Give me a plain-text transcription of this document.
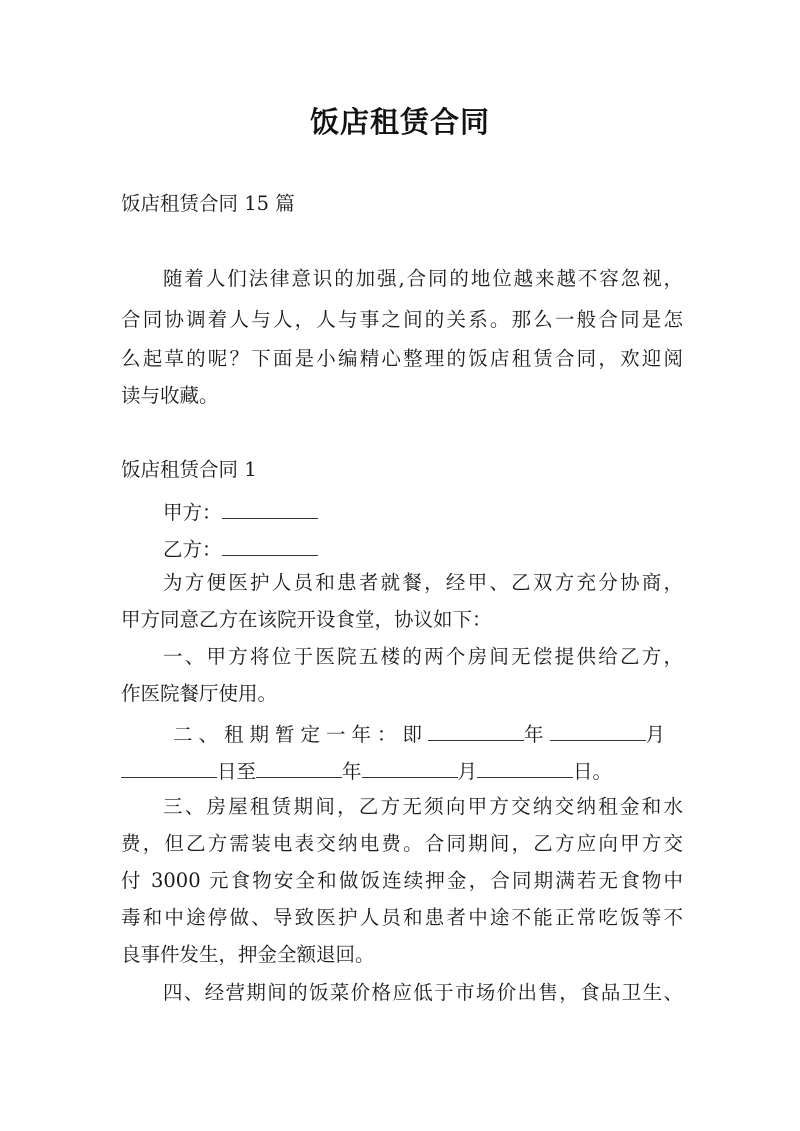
饭店租赁合同
饭店租赁合同 15 篇
随着人们法律意识的加强,合同的地位越来越不容忽视，
合同协调着人与人，人与事之间的关系。那么一般合同是怎
么起草的呢？下面是小编精心整理的饭店租赁合同，欢迎阅
读与收藏。
饭店租赁合同 1
甲方：
乙方：
为方便医护人员和患者就餐，经甲、乙双方充分协商，
甲方同意乙方在该院开设食堂，协议如下：
一、甲方将位于医院五楼的两个房间无偿提供给乙方，
作医院餐厅使用。
二、租期暂定一年：即	年	月
日至	年	月	日。
三、房屋租赁期间，乙方无须向甲方交纳交纳租金和水
费，但乙方需装电表交纳电费。合同期间，乙方应向甲方交
付 3000 元食物安全和做饭连续押金，合同期满若无食物中
毒和中途停做、导致医护人员和患者中途不能正常吃饭等不
良事件发生，押金全额退回。
四、经营期间的饭菜价格应低于市场价出售，食品卫生、
